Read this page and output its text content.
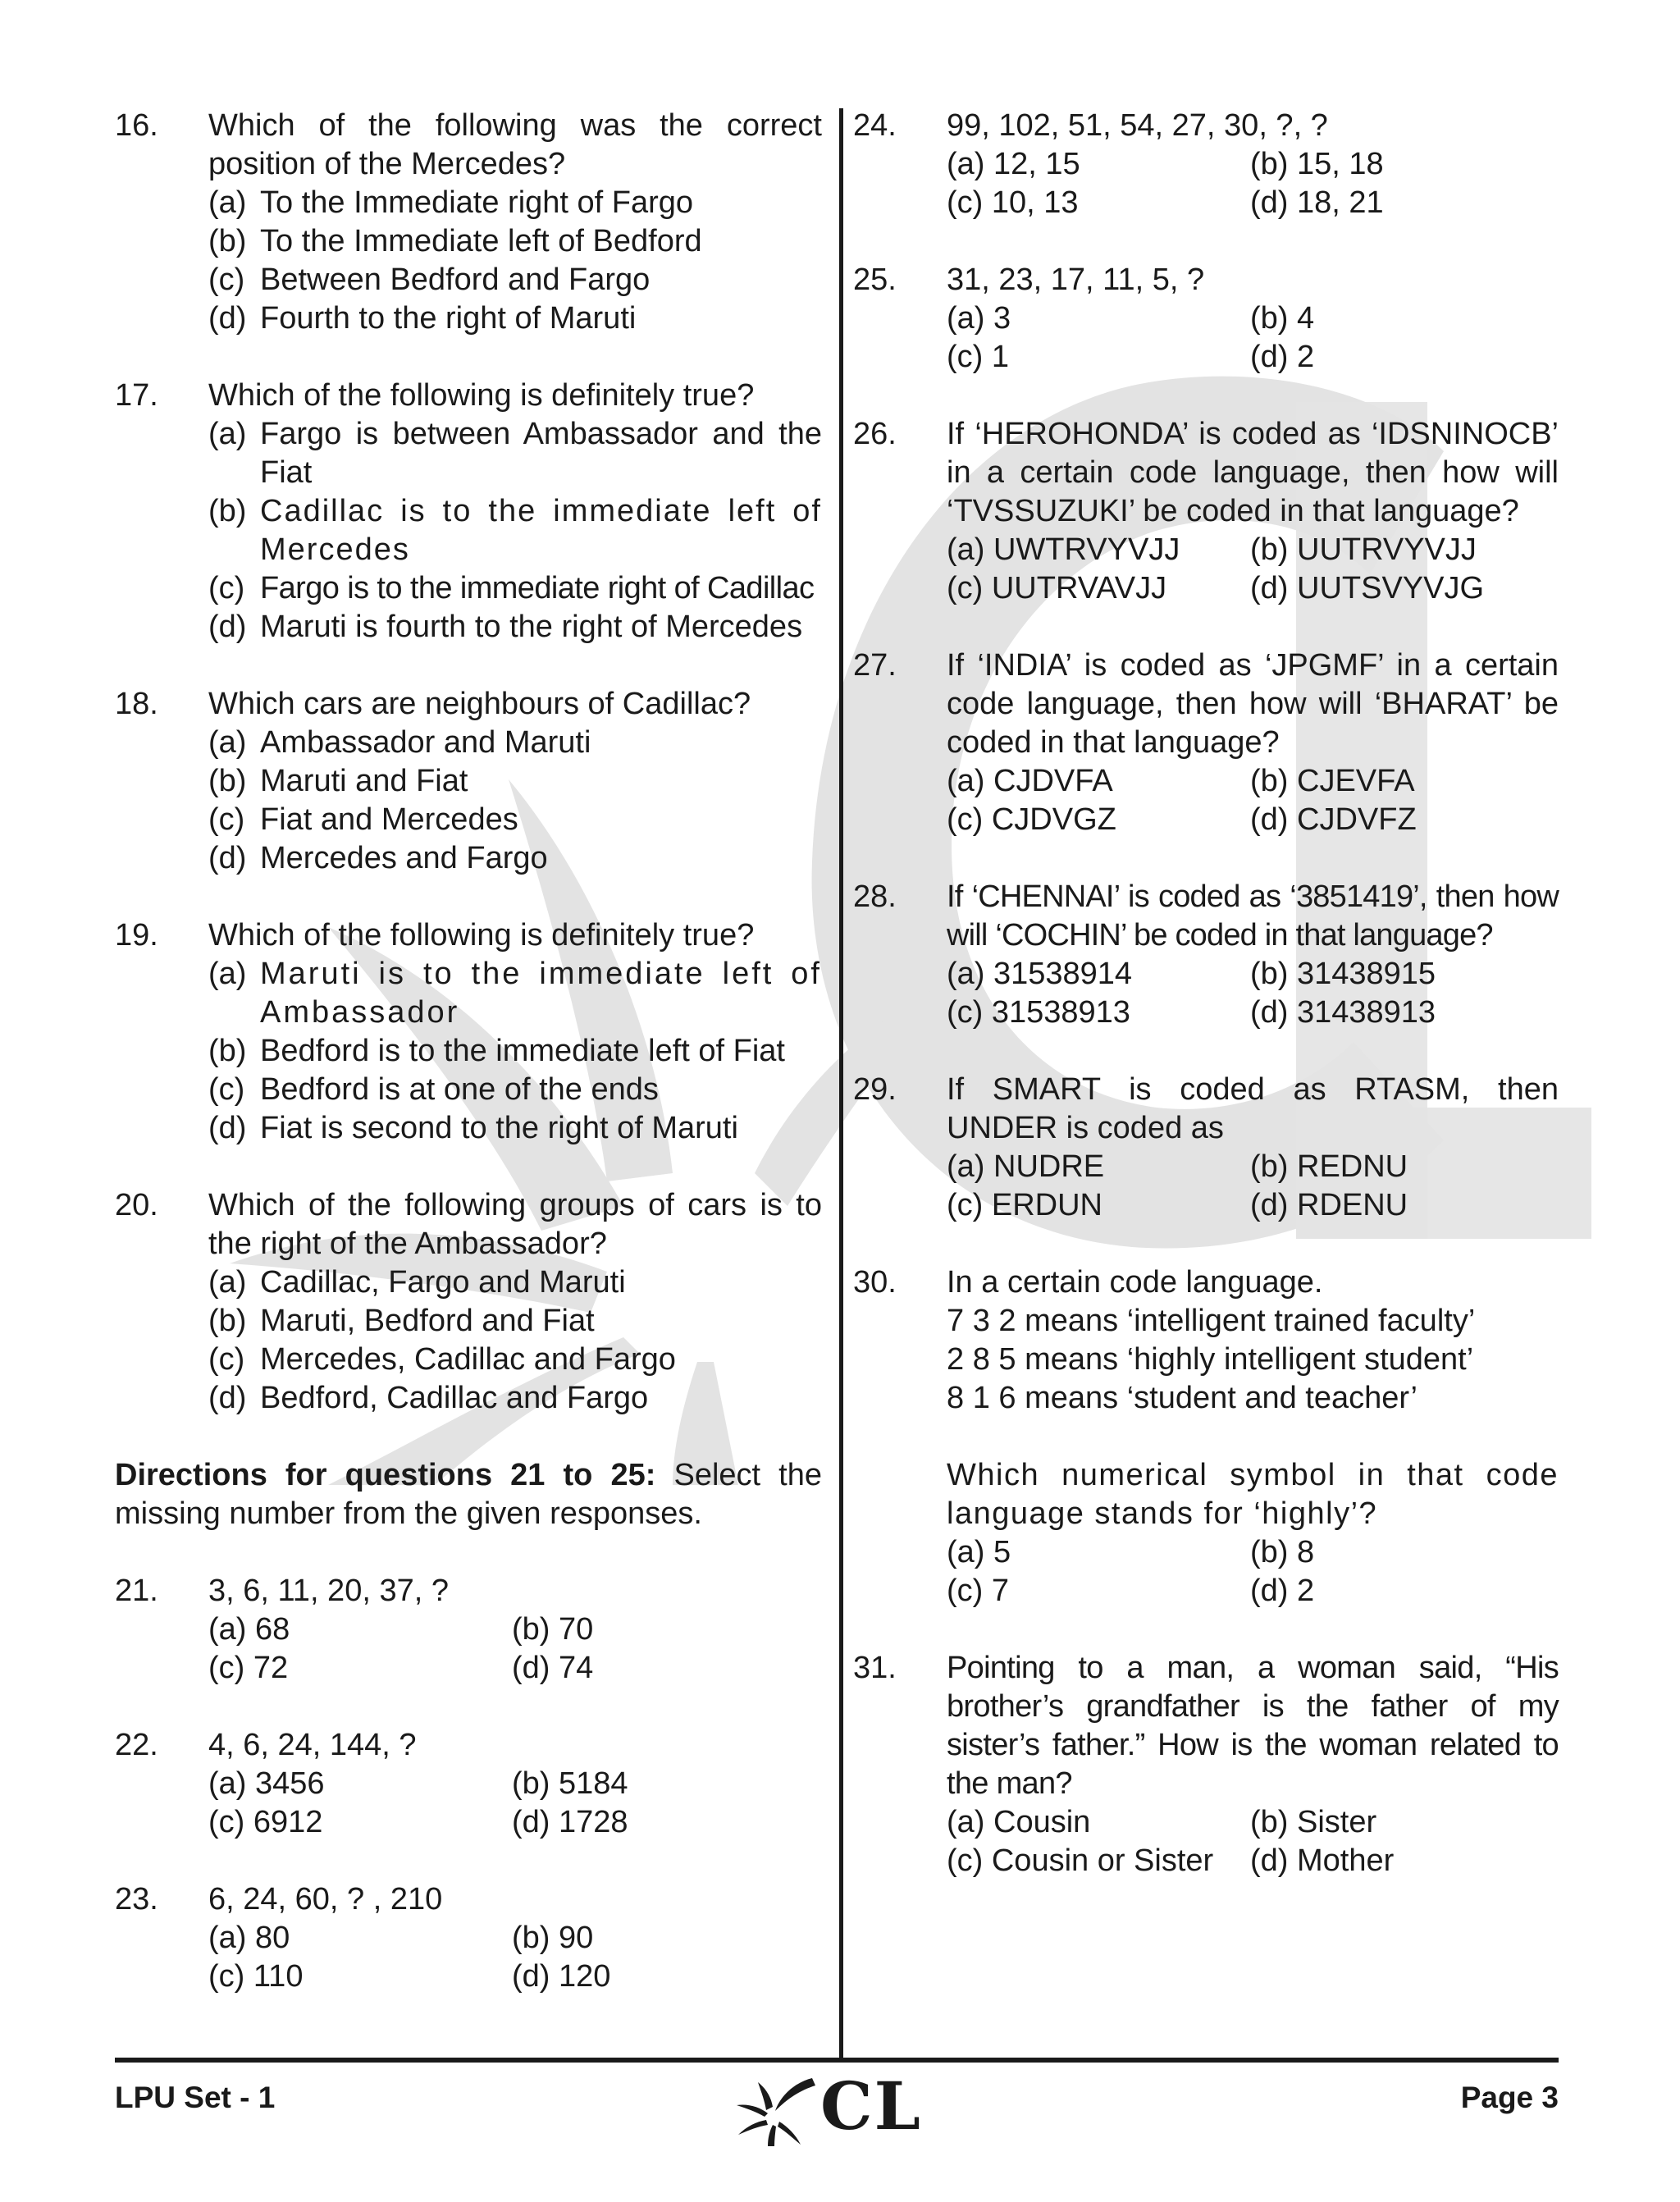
16.	Which of the following was the correct position of the Mercedes?
(a) To the Immediate right of Fargo
(b) To the Immediate left of Bedford
(c) Between Bedford and Fargo
(d) Fourth to the right of Maruti
17.	Which of the following is definitely true?
(a) Fargo is between Ambassador and the Fiat
(b) Cadillac is to the immediate left of Mercedes
(c) Fargo is to the immediate right of Cadillac
(d) Maruti is fourth to the right of Mercedes
18.	Which cars are neighbours of Cadillac?
(a) Ambassador and Maruti
(b) Maruti and Fiat
(c) Fiat and Mercedes
(d) Mercedes and Fargo
19.	Which of the following is definitely true?
(a) Maruti is to the immediate left of Ambassador
(b) Bedford is to the immediate left of Fiat
(c) Bedford is at one of the ends
(d) Fiat is second to the right of Maruti
20.	Which of the following groups of cars is to the right of the Ambassador?
(a) Cadillac, Fargo and Maruti
(b) Maruti, Bedford and Fiat
(c) Mercedes, Cadillac and Fargo
(d) Bedford, Cadillac and Fargo
Directions for questions 21 to 25: Select the missing number from the given responses.
21.	3, 6, 11, 20, 37, ?
(a) 68	(b) 70
(c) 72	(d) 74
22.	4, 6, 24, 144, ?
(a) 3456	(b) 5184
(c) 6912	(d) 1728
23.	6, 24, 60, ? , 210
(a) 80	(b) 90
(c) 110	(d) 120
24.	99, 102, 51, 54, 27, 30, ?, ?
(a) 12, 15	(b) 15, 18
(c) 10, 13	(d) 18, 21
25.	31, 23, 17, 11, 5, ?
(a) 3	(b) 4
(c) 1	(d) 2
26.	If ‘HEROHONDA’ is coded as ‘IDSNINOCB’ in a certain code language, then how will ‘TVSSUZUKI’ be coded in that language?
(a) UWTRVYVJJ	(b) UUTRVYVJJ
(c) UUTRVAVJJ	(d) UUTSVYVJG
27.	If ‘INDIA’ is coded as ‘JPGMF’ in a certain code language, then how will ‘BHARAT’ be coded in that language?
(a) CJDVFA	(b) CJEVFA
(c) CJDVGZ	(d) CJDVFZ
28.	If ‘CHENNAI’ is coded as ‘3851419’, then how will ‘COCHIN’ be coded in that language?
(a) 31538914	(b) 31438915
(c) 31538913	(d) 31438913
29.	If SMART is coded as RTASM, then UNDER is coded as
(a) NUDRE	(b) REDNU
(c) ERDUN	(d) RDENU
30.	In a certain code language.
7 3 2 means ‘intelligent trained faculty’
2 8 5 means ‘highly intelligent student’
8 1 6 means ‘student and teacher’
Which numerical symbol in that code language stands for ‘highly’?
(a) 5	(b) 8
(c) 7	(d) 2
31.	Pointing to a man, a woman said, “His brother’s grandfather is the father of my sister’s father.” How is the woman related to the man?
(a) Cousin	(b) Sister
(c) Cousin or Sister	(d) Mother
LPU Set - 1	Page 3
CL
